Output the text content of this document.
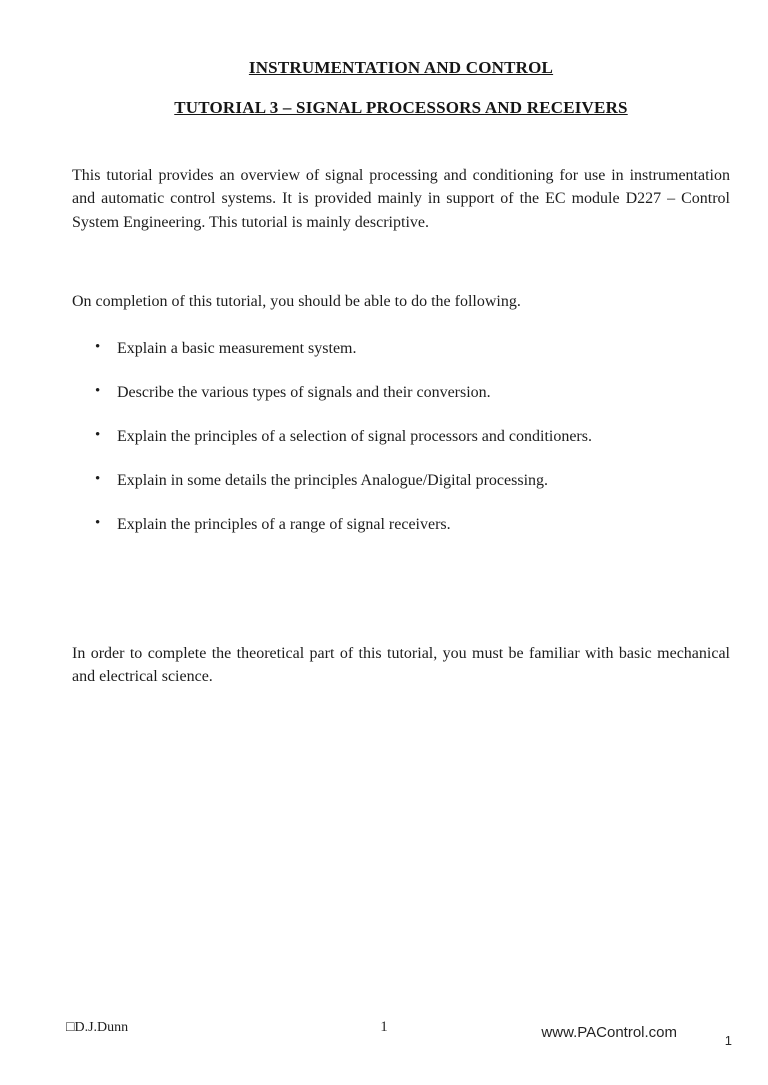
INSTRUMENTATION AND CONTROL
TUTORIAL 3 – SIGNAL PROCESSORS AND RECEIVERS

This tutorial provides an overview of signal processing and conditioning for use in instrumentation and automatic control systems. It is provided mainly in support of the EC module D227 – Control System Engineering. This tutorial is mainly descriptive.

On completion of this tutorial, you should be able to do the following.

• Explain a basic measurement system.
• Describe the various types of signals and their conversion.
• Explain the principles of a selection of signal processors and conditioners.
• Explain in some details the principles Analogue/Digital processing.
• Explain the principles of a range of signal receivers.

In order to complete the theoretical part of this tutorial, you must be familiar with basic mechanical and electrical science.

□D.J.Dunn	1	www.PAControl.com	1
